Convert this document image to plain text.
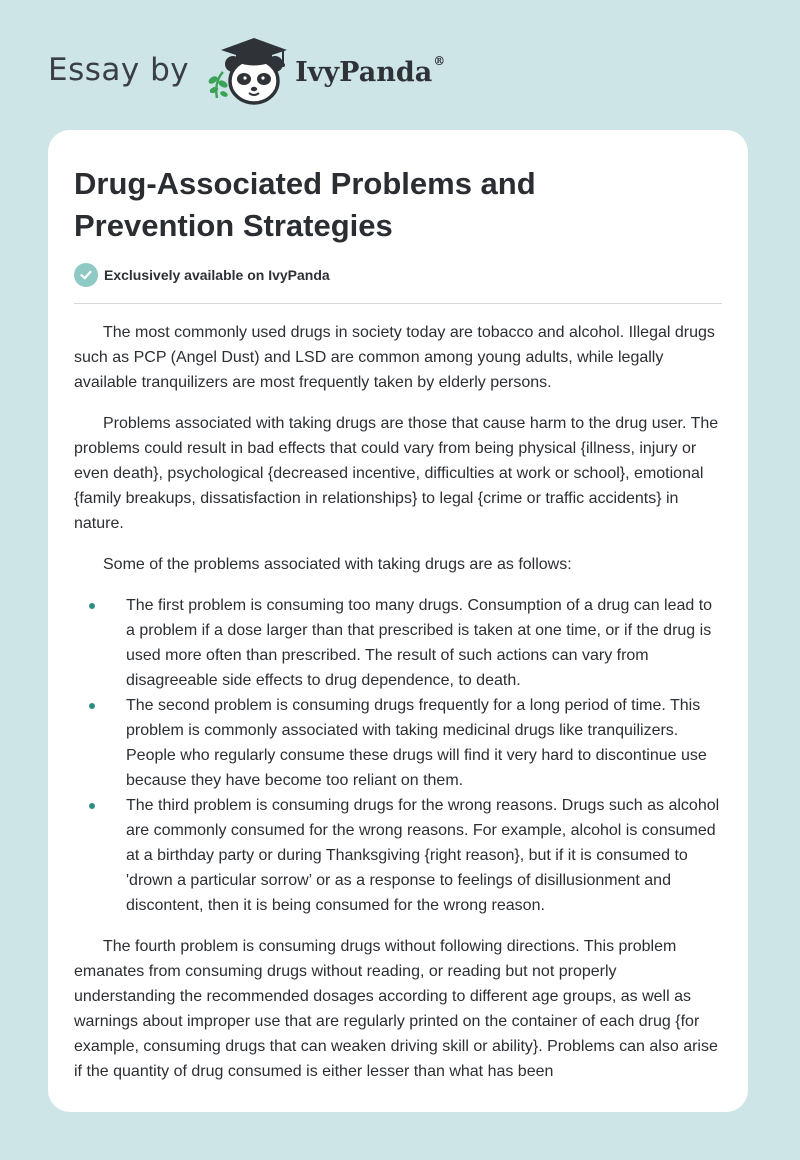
Essay by	IvyPanda®
Drug-Associated Problems and Prevention Strategies
Exclusively available on IvyPanda

The most commonly used drugs in society today are tobacco and alcohol. Illegal drugs such as PCP (Angel Dust) and LSD are common among young adults, while legally available tranquilizers are most frequently taken by elderly persons.

Problems associated with taking drugs are those that cause harm to the drug user. The problems could result in bad effects that could vary from being physical {illness, injury or even death}, psychological {decreased incentive, difficulties at work or school}, emotional {family breakups, dissatisfaction in relationships} to legal {crime or traffic accidents} in nature.

Some of the problems associated with taking drugs are as follows:

The first problem is consuming too many drugs. Consumption of a drug can lead to a problem if a dose larger than that prescribed is taken at one time, or if the drug is used more often than prescribed. The result of such actions can vary from disagreeable side effects to drug dependence, to death.
The second problem is consuming drugs frequently for a long period of time. This problem is commonly associated with taking medicinal drugs like tranquilizers. People who regularly consume these drugs will find it very hard to discontinue use because they have become too reliant on them.
The third problem is consuming drugs for the wrong reasons. Drugs such as alcohol are commonly consumed for the wrong reasons. For example, alcohol is consumed at a birthday party or during Thanksgiving {right reason}, but if it is consumed to 'drown a particular sorrow’ or as a response to feelings of disillusionment and discontent, then it is being consumed for the wrong reason.

The fourth problem is consuming drugs without following directions. This problem emanates from consuming drugs without reading, or reading but not properly understanding the recommended dosages according to different age groups, as well as warnings about improper use that are regularly printed on the container of each drug {for example, consuming drugs that can weaken driving skill or ability}. Problems can also arise if the quantity of drug consumed is either lesser than what has been
